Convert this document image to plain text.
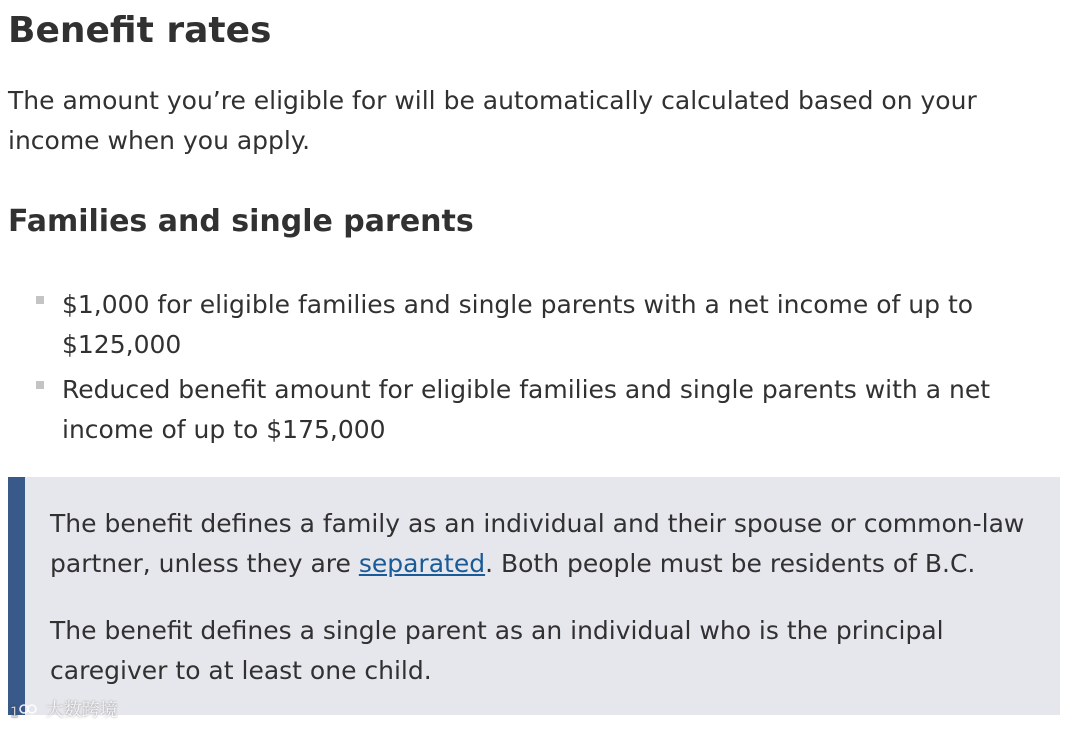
Benefit rates

The amount you’re eligible for will be automatically calculated based on your income when you apply.

Families and single parents
$1,000 for eligible families and single parents with a net income of up to $125,000
Reduced benefit amount for eligible families and single parents with a net income of up to $175,000

The benefit defines a family as an individual and their spouse or common-law partner, unless they are separated. Both people must be residents of B.C.

The benefit defines a single parent as an individual who is the principal caregiver to at least one child.

1 大数跨境
